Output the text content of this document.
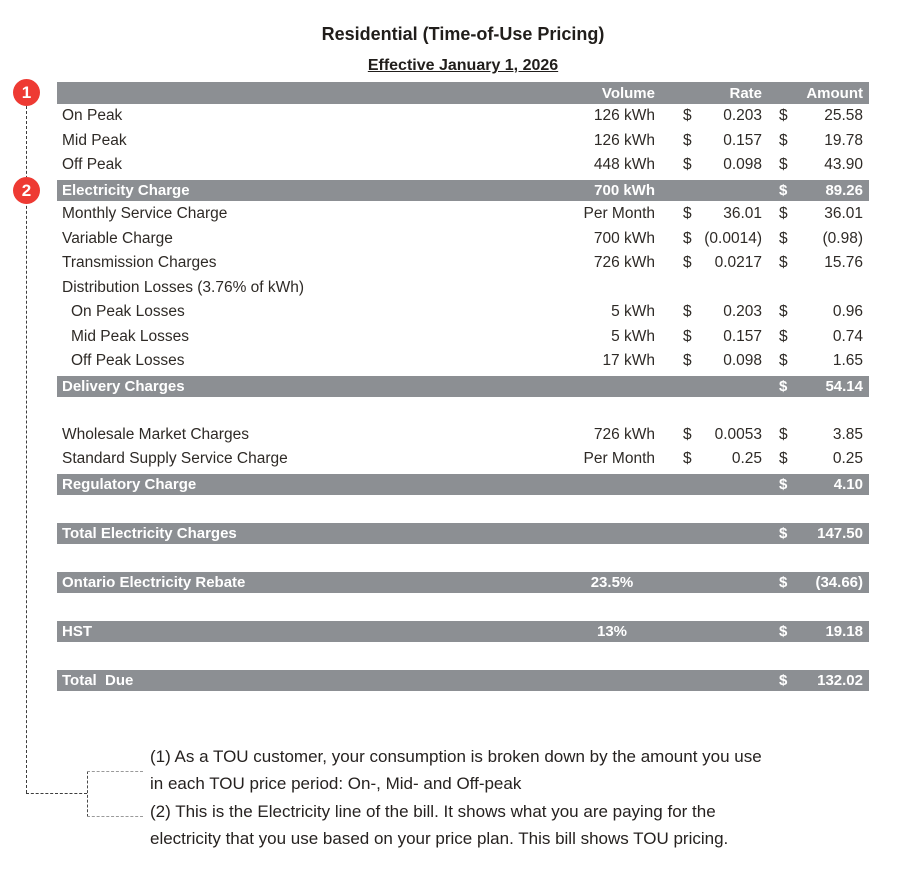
Residential (Time-of-Use Pricing)
Effective January 1, 2026
Volume	Rate	Amount
On Peak	126 kWh	$	0.203	$	25.58
Mid Peak	126 kWh	$	0.157	$	19.78
Off Peak	448 kWh	$	0.098	$	43.90
Electricity Charge	700 kWh	$	89.26
Monthly Service Charge	Per Month	$	36.01	$	36.01
Variable Charge	700 kWh	$ (0.0014)	$	(0.98)
Transmission Charges	726 kWh	$	0.0217	$	15.76
Distribution Losses (3.76% of kWh)
On Peak Losses	5 kWh	$	0.203	$	0.96
Mid Peak Losses	5 kWh	$	0.157	$	0.74
Off Peak Losses	17 kWh	$	0.098	$	1.65
Delivery Charges	$	54.14
Wholesale Market Charges	726 kWh	$	0.0053	$	3.85
Standard Supply Service Charge	Per Month	$	0.25	$	0.25
Regulatory Charge	$	4.10
Total Electricity Charges	$	147.50
Ontario Electricity Rebate	23.5%	$	(34.66)
HST	13%	$	19.18
Total  Due	$	132.02
1
2
(1) As a TOU customer, your consumption is broken down by the amount you use
in each TOU price period: On-, Mid- and Off-peak
(2) This is the Electricity line of the bill. It shows what you are paying for the
electricity that you use based on your price plan. This bill shows TOU pricing.
